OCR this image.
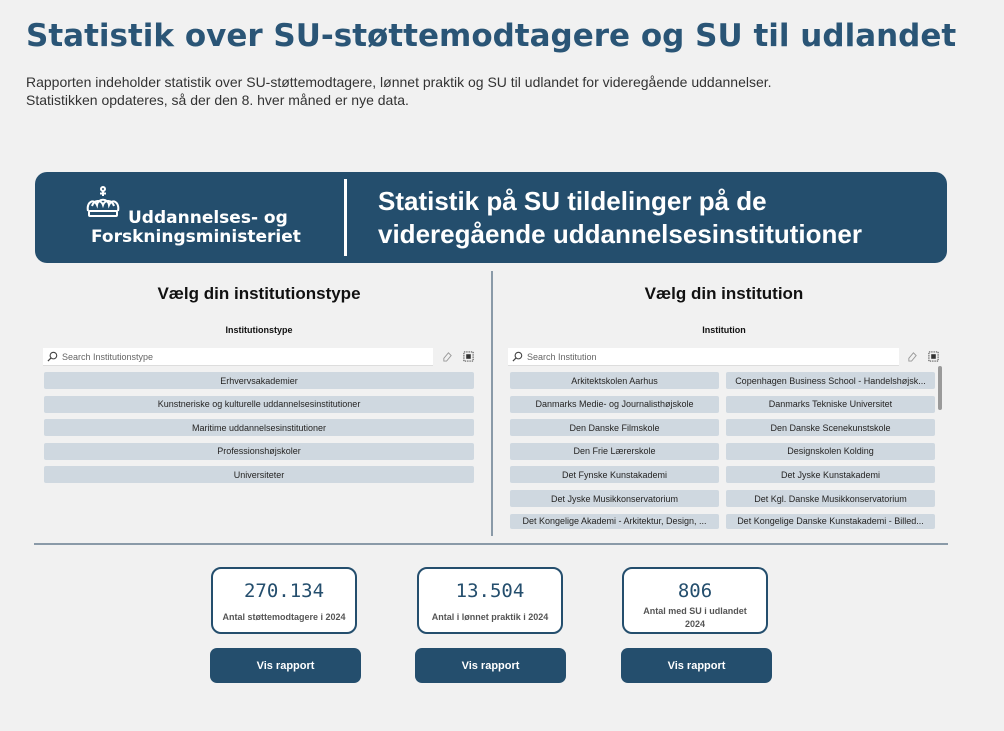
Statistik over SU-støttemodtagere og SU til udlandet
Rapporten indeholder statistik over SU-støttemodtagere, lønnet praktik og SU til udlandet for videregående uddannelser.
Statistikken opdateres, så der den 8. hver måned er nye data.
Uddannelses- og
Forskningsministeriet
Statistik på SU tildelinger på de
videregående uddannelsesinstitutioner
Vælg din institutionstype
Institutionstype
Search Institutionstype
Erhvervsakademier
Kunstneriske og kulturelle uddannelsesinstitutioner
Maritime uddannelsesinstitutioner
Professionshøjskoler
Universiteter
Vælg din institution
Institution
Search Institution
Arkitektskolen Aarhus	Copenhagen Business School - Handelshøjsk...
Danmarks Medie- og Journalisthøjskole	Danmarks Tekniske Universitet
Den Danske Filmskole	Den Danske Scenekunstskole
Den Frie Lærerskole	Designskolen Kolding
Det Fynske Kunstakademi	Det Jyske Kunstakademi
Det Jyske Musikkonservatorium	Det Kgl. Danske Musikkonservatorium
Det Kongelige Akademi - Arkitektur, Design, ...	Det Kongelige Danske Kunstakademi - Billed...
270.134
Antal støttemodtagere i 2024
13.504
Antal i lønnet praktik i 2024
806
Antal med SU i udlandet 2024
Vis rapport	Vis rapport	Vis rapport
